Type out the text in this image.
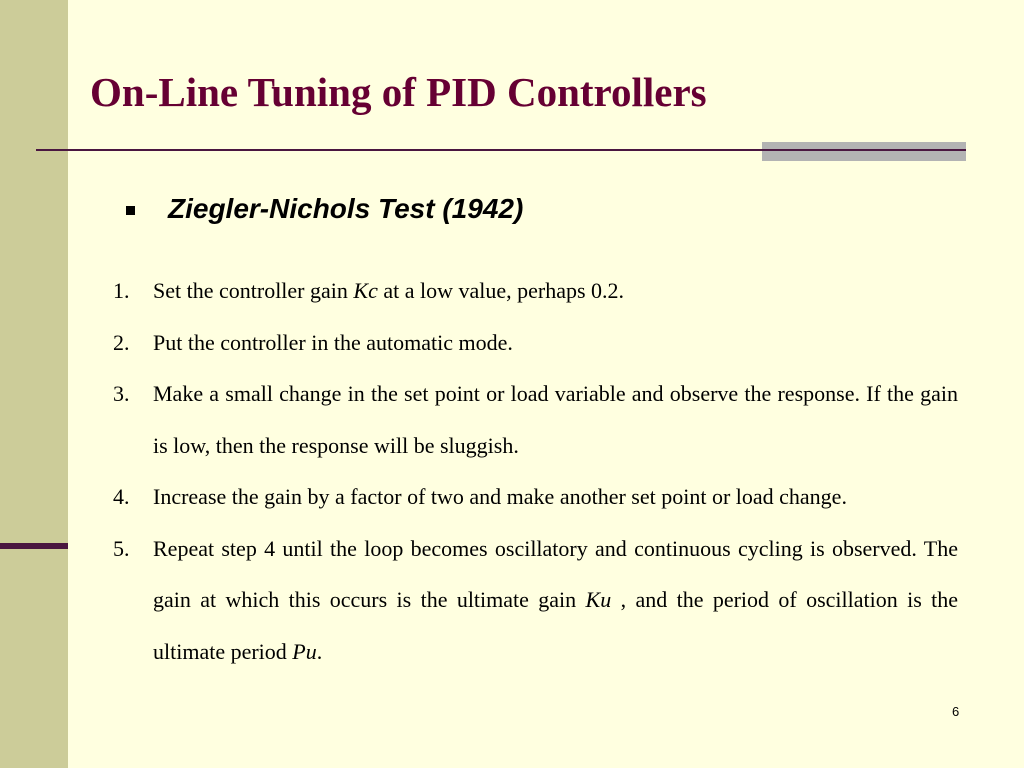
On-Line Tuning of PID Controllers
Ziegler-Nichols Test (1942)
1. Set the controller gain Kc at a low value, perhaps 0.2.
2. Put the controller in the automatic mode.
3. Make a small change in the set point or load variable and observe the response. If the gain is low, then the response will be sluggish.
4. Increase the gain by a factor of two and make another set point or load change.
5. Repeat step 4 until the loop becomes oscillatory and continuous cycling is observed. The gain at which this occurs is the ultimate gain Ku , and the period of oscillation is the ultimate period Pu.
6
